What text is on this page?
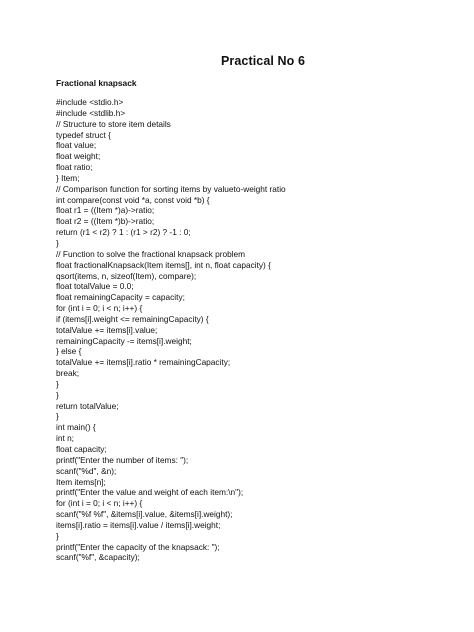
Practical No 6
Fractional knapsack
#include <stdio.h>
#include <stdlib.h>
// Structure to store item details
typedef struct {
float value;
float weight;
float ratio;
} Item;
// Comparison function for sorting items by valueto-weight ratio
int compare(const void *a, const void *b) {
float r1 = ((Item *)a)->ratio;
float r2 = ((Item *)b)->ratio;
return (r1 < r2) ? 1 : (r1 > r2) ? -1 : 0;
}
// Function to solve the fractional knapsack problem
float fractionalKnapsack(Item items[], int n, float capacity) {
qsort(items, n, sizeof(Item), compare);
float totalValue = 0.0;
float remainingCapacity = capacity;
for (int i = 0; i < n; i++) {
if (items[i].weight <= remainingCapacity) {
totalValue += items[i].value;
remainingCapacity -= items[i].weight;
} else {
totalValue += items[i].ratio * remainingCapacity;
break;
}
}
return totalValue;
}
int main() {
int n;
float capacity;
printf("Enter the number of items: ");
scanf("%d", &n);
Item items[n];
printf("Enter the value and weight of each item:\n");
for (int i = 0; i < n; i++) {
scanf("%f %f", &items[i].value, &items[i].weight);
items[i].ratio = items[i].value / items[i].weight;
}
printf("Enter the capacity of the knapsack: ");
scanf("%f", &capacity);
